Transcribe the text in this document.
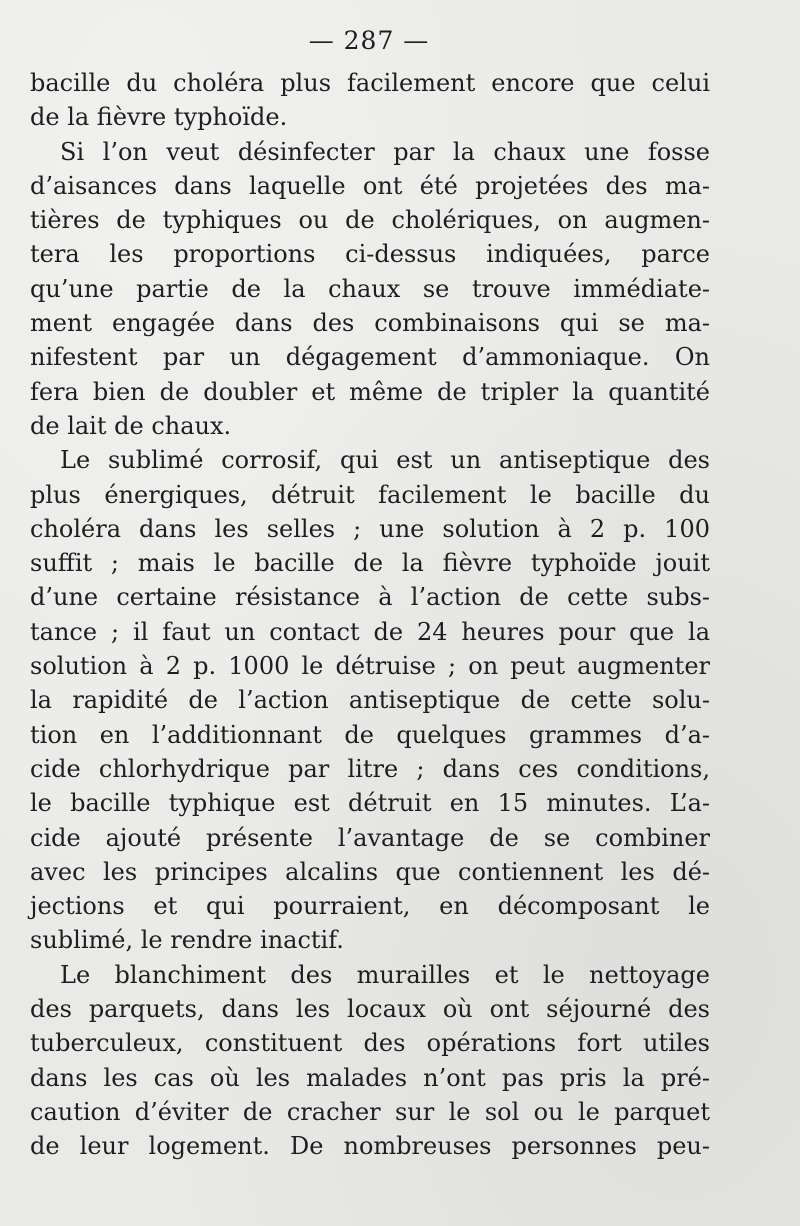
— 287 —

bacille du choléra plus facilement encore que celui
de la fièvre typhoïde.

Si l’on veut désinfecter par la chaux une fosse
d’aisances dans laquelle ont été projetées des ma-
tières de typhiques ou de cholériques, on augmen-
tera les proportions ci-dessus indiquées, parce
qu’une partie de la chaux se trouve immédiate-
ment engagée dans des combinaisons qui se ma-
nifestent par un dégagement d’ammoniaque. On
fera bien de doubler et même de tripler la quantité
de lait de chaux.

Le sublimé corrosif, qui est un antiseptique des
plus énergiques, détruit facilement le bacille du
choléra dans les selles ; une solution à 2 p. 100
suffit ; mais le bacille de la fièvre typhoïde jouit
d’une certaine résistance à l’action de cette subs-
tance ; il faut un contact de 24 heures pour que la
solution à 2 p. 1000 le détruise ; on peut augmenter
la rapidité de l’action antiseptique de cette solu-
tion en l’additionnant de quelques grammes d’a-
cide chlorhydrique par litre ; dans ces conditions,
le bacille typhique est détruit en 15 minutes. L’a-
cide ajouté présente l’avantage de se combiner
avec les principes alcalins que contiennent les dé-
jections et qui pourraient, en décomposant le
sublimé, le rendre inactif.

Le blanchiment des murailles et le nettoyage
des parquets, dans les locaux où ont séjourné des
tuberculeux, constituent des opérations fort utiles
dans les cas où les malades n’ont pas pris la pré-
caution d’éviter de cracher sur le sol ou le parquet
de leur logement. De nombreuses personnes peu-
